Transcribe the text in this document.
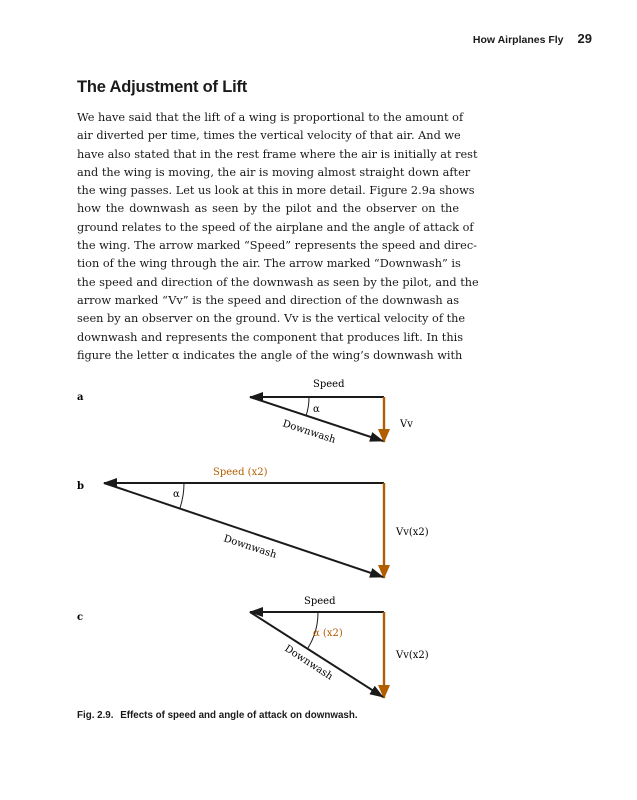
How Airplanes Fly 29
The Adjustment of Lift
We have said that the lift of a wing is proportional to the amount of
air diverted per time, times the vertical velocity of that air. And we
have also stated that in the rest frame where the air is initially at rest
and the wing is moving, the air is moving almost straight down after
the wing passes. Let us look at this in more detail. Figure 2.9a shows
how the downwash as seen by the pilot and the observer on the
ground relates to the speed of the airplane and the angle of attack of
the wing. The arrow marked “Speed” represents the speed and direc-
tion of the wing through the air. The arrow marked “Downwash” is
the speed and direction of the downwash as seen by the pilot, and the
arrow marked “Vv” is the speed and direction of the downwash as
seen by an observer on the ground. Vv is the vertical velocity of the
downwash and represents the component that produces lift. In this
figure the letter α indicates the angle of the wing’s downwash with
a
Speed
α
Vv
Downwash
b
Speed (x2)
α
Vv(x2)
Downwash
c
Speed
α (x2)
Vv(x2)
Downwash
Fig. 2.9. Effects of speed and angle of attack on downwash.
